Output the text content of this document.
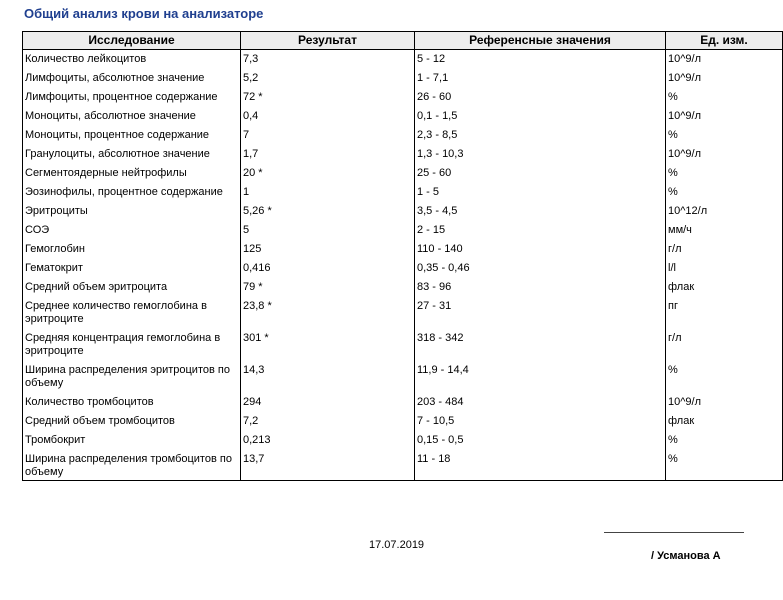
Общий анализ крови на анализаторе
Исследование	Результат	Референсные значения	Ед. изм.
Количество лейкоцитов	7,3	5 - 12	10^9/л
Лимфоциты, абсолютное значение	5,2	1 - 7,1	10^9/л
Лимфоциты, процентное содержание	72 *	26 - 60	%
Моноциты, абсолютное значение	0,4	0,1 - 1,5	10^9/л
Моноциты, процентное содержание	7	2,3 - 8,5	%
Гранулоциты, абсолютное значение	1,7	1,3 - 10,3	10^9/л
Сегментоядерные нейтрофилы	20 *	25 - 60	%
Эозинофилы, процентное содержание	1	1 - 5	%
Эритроциты	5,26 *	3,5 - 4,5	10^12/л
СОЭ	5	2 - 15	мм/ч
Гемоглобин	125	110 - 140	г/л
Гематокрит	0,416	0,35 - 0,46	l/l
Средний объем эритроцита	79 *	83 - 96	флак
Среднее количество гемоглобина в эритроците	23,8 *	27 - 31	пг
Средняя концентрация гемоглобина в эритроците	301 *	318 - 342	г/л
Ширина распределения эритроцитов по объему	14,3	11,9 - 14,4	%
Количество тромбоцитов	294	203 - 484	10^9/л
Средний объем тромбоцитов	7,2	7 - 10,5	флак
Тромбокрит	0,213	0,15 - 0,5	%
Ширина распределения тромбоцитов по объему	13,7	11 - 18	%
17.07.2019
/ Усманова А
